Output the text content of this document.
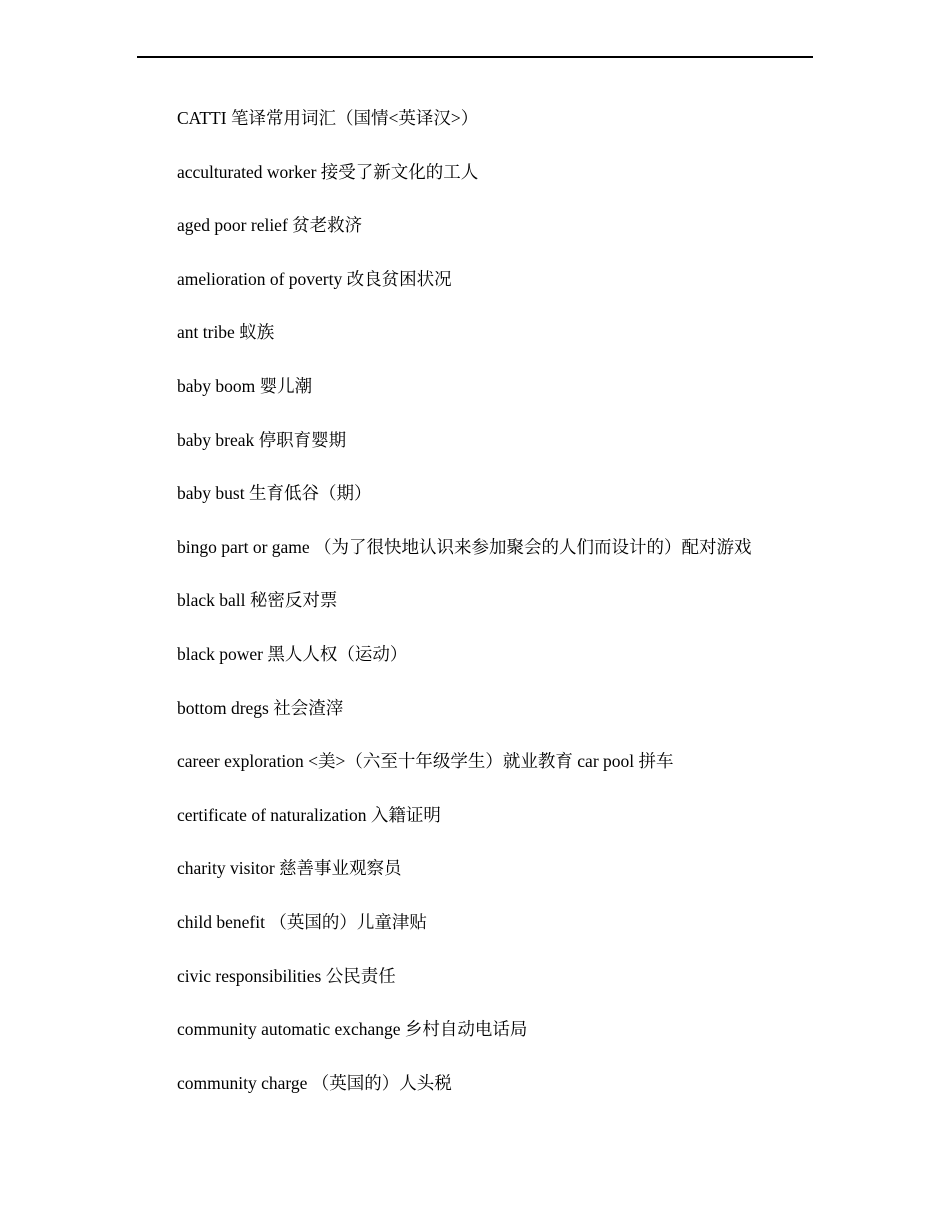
CATTI 笔译常用词汇（国情<英译汉>）
acculturated worker 接受了新文化的工人
aged poor relief 贫老救济
amelioration of poverty 改良贫困状况
ant tribe 蚁族
baby boom 婴儿潮
baby break 停职育婴期
baby bust 生育低谷（期）
bingo part or game （为了很快地认识来参加聚会的人们而设计的）配对游戏
black ball 秘密反对票
black power 黑人人权（运动）
bottom dregs 社会渣滓
career exploration <美>（六至十年级学生）就业教育 car pool 拼车
certificate of naturalization 入籍证明
charity visitor 慈善事业观察员
child benefit （英国的）儿童津贴
civic responsibilities 公民责任
community automatic exchange 乡村自动电话局
community charge （英国的）人头税
